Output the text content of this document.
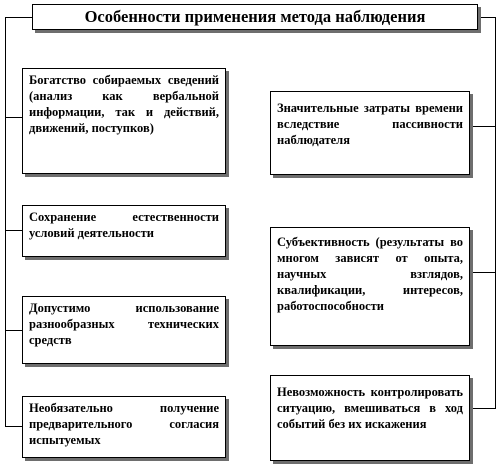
Особенности применения метода наблюдения
Богатство собираемых сведений (анализ как вербальной информации, так и действий, движений, поступков)
Сохранение естественности условий деятельности
Допустимо использование разнообразных технических средств
Необязательно получение предварительного согласия испытуемых
Значительные затраты времени вследствие пассивности наблюдателя
Субъективность (результаты во многом зависят от опыта, научных взглядов, квалификации, интересов, работоспособности
Невозможность контролировать ситуацию, вмешиваться в ход событий без их искажения
